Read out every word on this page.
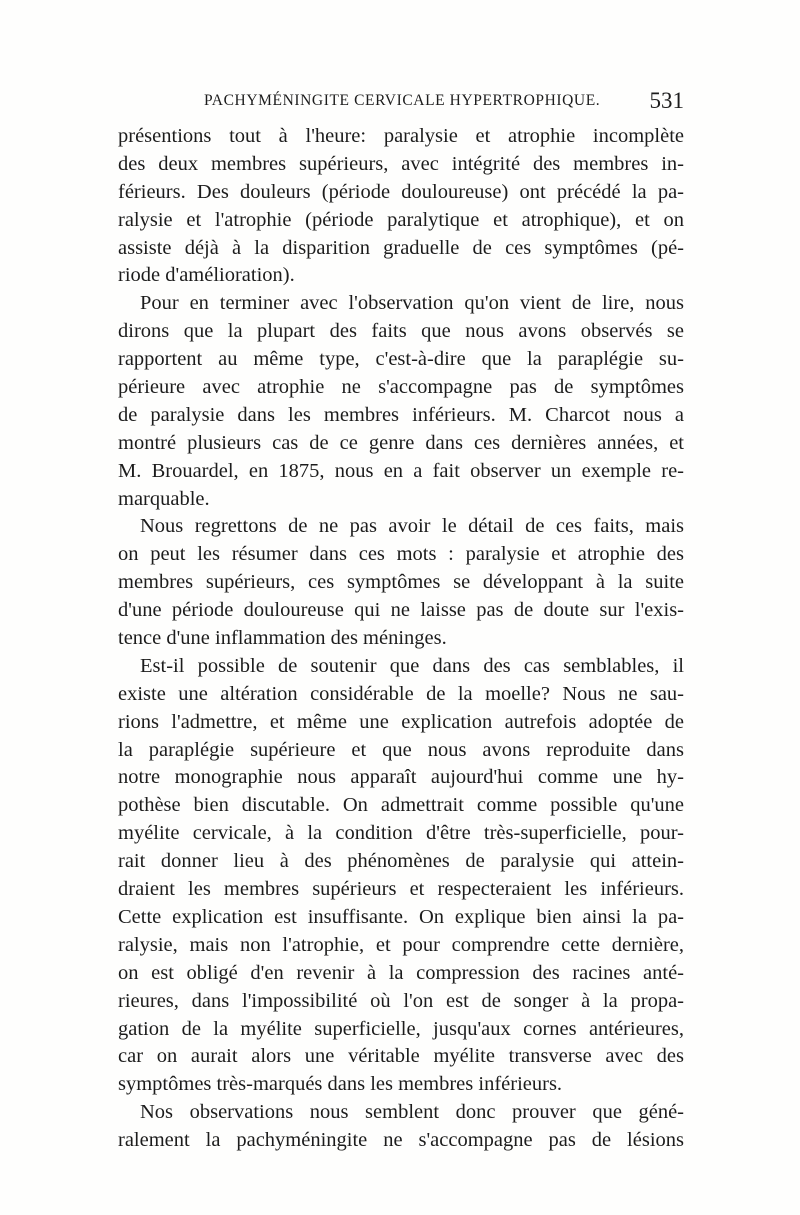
PACHYMÉNINGITE CERVICALE HYPERTROPHIQUE. 531
présentions tout à l'heure: paralysie et atrophie incomplète
des deux membres supérieurs, avec intégrité des membres in-
férieurs. Des douleurs (période douloureuse) ont précédé la pa-
ralysie et l'atrophie (période paralytique et atrophique), et on
assiste déjà à la disparition graduelle de ces symptômes (pé-
riode d'amélioration).
Pour en terminer avec l'observation qu'on vient de lire, nous
dirons que la plupart des faits que nous avons observés se
rapportent au même type, c'est-à-dire que la paraplégie su-
périeure avec atrophie ne s'accompagne pas de symptômes
de paralysie dans les membres inférieurs. M. Charcot nous a
montré plusieurs cas de ce genre dans ces dernières années, et
M. Brouardel, en 1875, nous en a fait observer un exemple re-
marquable.
Nous regrettons de ne pas avoir le détail de ces faits, mais
on peut les résumer dans ces mots : paralysie et atrophie des
membres supérieurs, ces symptômes se développant à la suite
d'une période douloureuse qui ne laisse pas de doute sur l'exis-
tence d'une inflammation des méninges.
Est-il possible de soutenir que dans des cas semblables, il
existe une altération considérable de la moelle? Nous ne sau-
rions l'admettre, et même une explication autrefois adoptée de
la paraplégie supérieure et que nous avons reproduite dans
notre monographie nous apparaît aujourd'hui comme une hy-
pothèse bien discutable. On admettrait comme possible qu'une
myélite cervicale, à la condition d'être très-superficielle, pour-
rait donner lieu à des phénomènes de paralysie qui attein-
draient les membres supérieurs et respecteraient les inférieurs.
Cette explication est insuffisante. On explique bien ainsi la pa-
ralysie, mais non l'atrophie, et pour comprendre cette dernière,
on est obligé d'en revenir à la compression des racines anté-
rieures, dans l'impossibilité où l'on est de songer à la propa-
gation de la myélite superficielle, jusqu'aux cornes antérieures,
car on aurait alors une véritable myélite transverse avec des
symptômes très-marqués dans les membres inférieurs.
Nos observations nous semblent donc prouver que géné-
ralement la pachyméningite ne s'accompagne pas de lésions
